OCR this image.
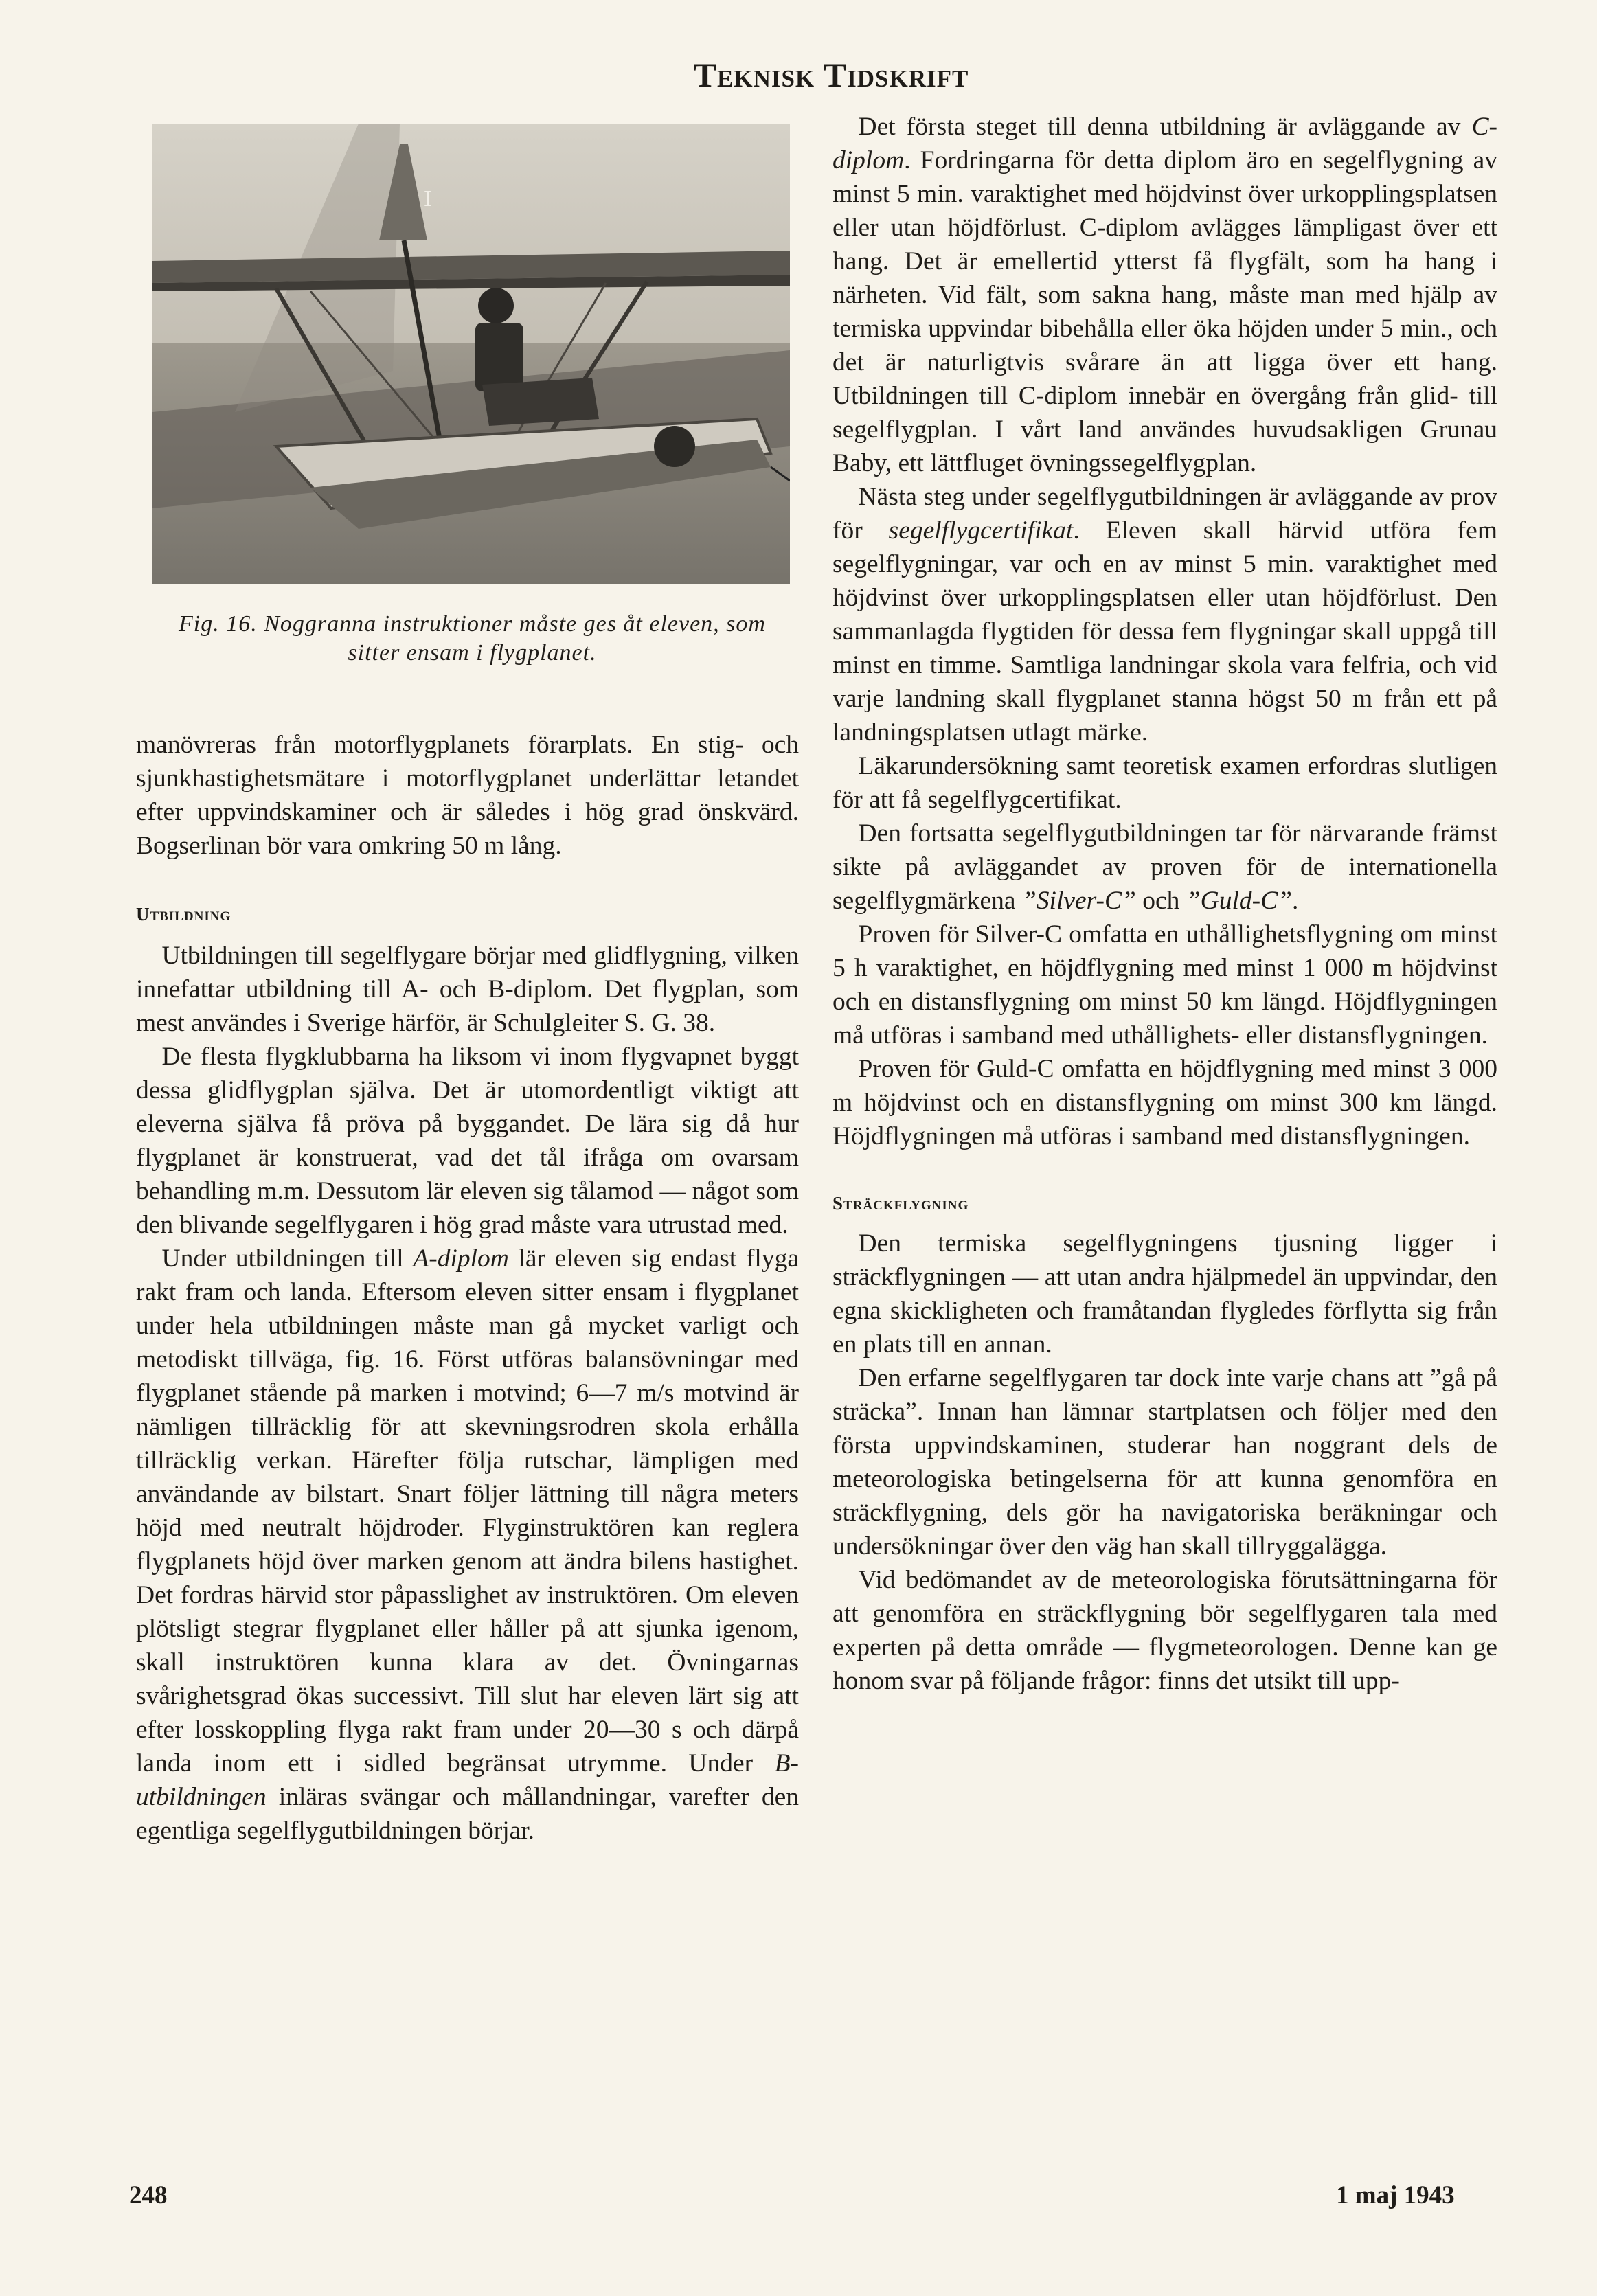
Teknisk Tidskrift
I
Fig. 16. Noggranna instruktioner måste ges åt eleven, som sitter ensam i flygplanet.

manövreras från motorflygplanets förarplats. En stig- och sjunkhastighetsmätare i motorflygplanet underlättar letandet efter uppvindskaminer och är således i hög grad önskvärd. Bogserlinan bör vara omkring 50 m lång.

Utbildning

Utbildningen till segelflygare börjar med glidflygning, vilken innefattar utbildning till A- och B-diplom. Det flygplan, som mest användes i Sverige härför, är Schulgleiter S. G. 38.

De flesta flygklubbarna ha liksom vi inom flygvapnet byggt dessa glidflygplan själva. Det är utomordentligt viktigt att eleverna själva få pröva på byggandet. De lära sig då hur flygplanet är konstruerat, vad det tål ifråga om ovarsam behandling m.m. Dessutom lär eleven sig tålamod — något som den blivande segelflygaren i hög grad måste vara utrustad med.

Under utbildningen till A-diplom lär eleven sig endast flyga rakt fram och landa. Eftersom eleven sitter ensam i flygplanet under hela utbildningen måste man gå mycket varligt och metodiskt tillväga, fig. 16. Först utföras balansövningar med flygplanet stående på marken i motvind; 6—7 m/s motvind är nämligen tillräcklig för att skevningsrodren skola erhålla tillräcklig verkan. Härefter följa rutschar, lämpligen med användande av bilstart. Snart följer lättning till några meters höjd med neutralt höjdroder. Flyginstruktören kan reglera flygplanets höjd över marken genom att ändra bilens hastighet. Det fordras härvid stor påpasslighet av instruktören. Om eleven plötsligt stegrar flygplanet eller håller på att sjunka igenom, skall instruktören kunna klara av det. Övningarnas svårighetsgrad ökas successivt. Till slut har eleven lärt sig att efter losskoppling flyga rakt fram under 20—30 s och därpå landa inom ett i sidled begränsat utrymme. Under B-utbildningen inläras svängar och mållandningar, varefter den egentliga segelflygutbildningen börjar.

Det första steget till denna utbildning är avläggande av C-diplom. Fordringarna för detta diplom äro en segelflygning av minst 5 min. varaktighet med höjdvinst över urkopplingsplatsen eller utan höjdförlust. C-diplom avlägges lämpligast över ett hang. Det är emellertid ytterst få flygfält, som ha hang i närheten. Vid fält, som sakna hang, måste man med hjälp av termiska uppvindar bibehålla eller öka höjden under 5 min., och det är naturligtvis svårare än att ligga över ett hang. Utbildningen till C-diplom innebär en övergång från glid- till segelflygplan. I vårt land användes huvudsakligen Grunau Baby, ett lättfluget övningssegelflygplan.

Nästa steg under segelflygutbildningen är avläggande av prov för segelflygcertifikat. Eleven skall härvid utföra fem segelflygningar, var och en av minst 5 min. varaktighet med höjdvinst över urkopplingsplatsen eller utan höjdförlust. Den sammanlagda flygtiden för dessa fem flygningar skall uppgå till minst en timme. Samtliga landningar skola vara felfria, och vid varje landning skall flygplanet stanna högst 50 m från ett på landningsplatsen utlagt märke.

Läkarundersökning samt teoretisk examen erfordras slutligen för att få segelflygcertifikat.

Den fortsatta segelflygutbildningen tar för närvarande främst sikte på avläggandet av proven för de internationella segelflygmärkena ”Silver-C” och ”Guld-C”.

Proven för Silver-C omfatta en uthållighetsflygning om minst 5 h varaktighet, en höjdflygning med minst 1 000 m höjdvinst och en distansflygning om minst 50 km längd. Höjdflygningen må utföras i samband med uthållighets- eller distansflygningen.

Proven för Guld-C omfatta en höjdflygning med minst 3 000 m höjdvinst och en distansflygning om minst 300 km längd. Höjdflygningen må utföras i samband med distansflygningen.

Sträckflygning

Den termiska segelflygningens tjusning ligger i sträckflygningen — att utan andra hjälpmedel än uppvindar, den egna skickligheten och framåtandan flygledes förflytta sig från en plats till en annan.

Den erfarne segelflygaren tar dock inte varje chans att ”gå på sträcka”. Innan han lämnar startplatsen och följer med den första uppvindskaminen, studerar han noggrant dels de meteorologiska betingelserna för att kunna genomföra en sträckflygning, dels gör ha navigatoriska beräkningar och undersökningar över den väg han skall tillryggalägga.

Vid bedömandet av de meteorologiska förutsättningarna för att genomföra en sträckflygning bör segelflygaren tala med experten på detta område — flygmeteorologen. Denne kan ge honom svar på följande frågor: finns det utsikt till upp-

248	1 maj 1943
